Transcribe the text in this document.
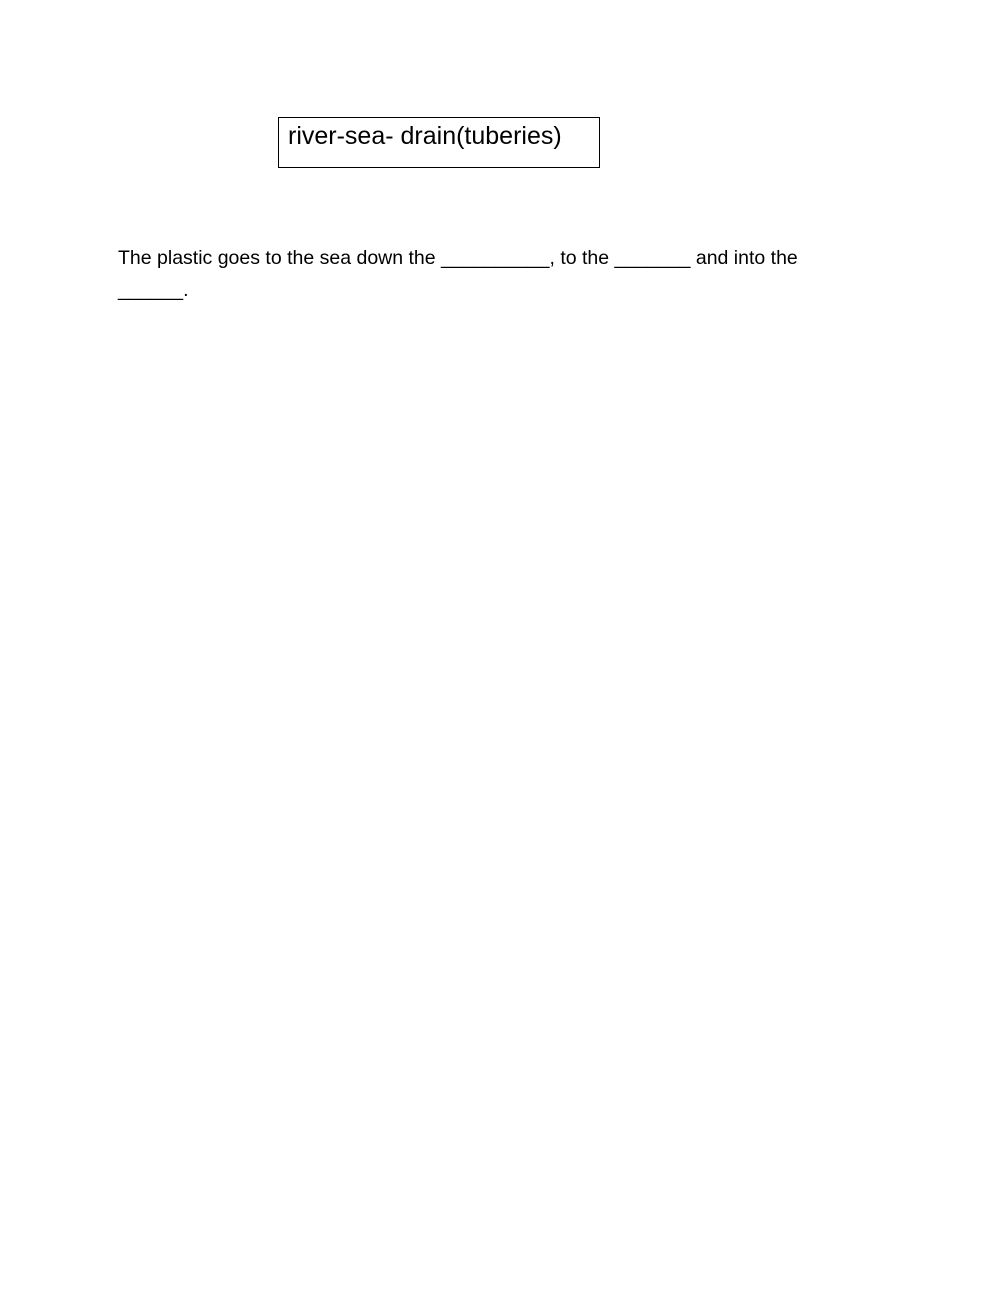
river-sea- drain(tuberies)

The plastic goes to the sea down the __________, to the _______ and into the ______.
